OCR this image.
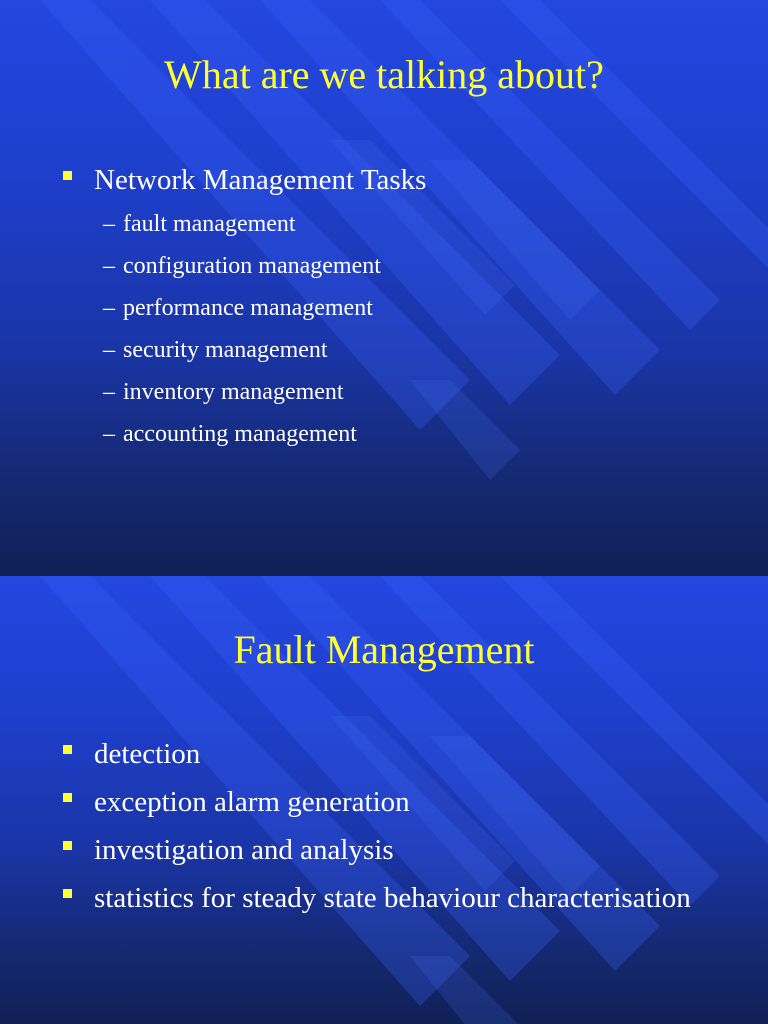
What are we talking about?
Network Management Tasks
– fault management
– configuration management
– performance management
– security management
– inventory management
– accounting management
Fault Management
detection
exception alarm generation
investigation and analysis
statistics for steady state behaviour characterisation
